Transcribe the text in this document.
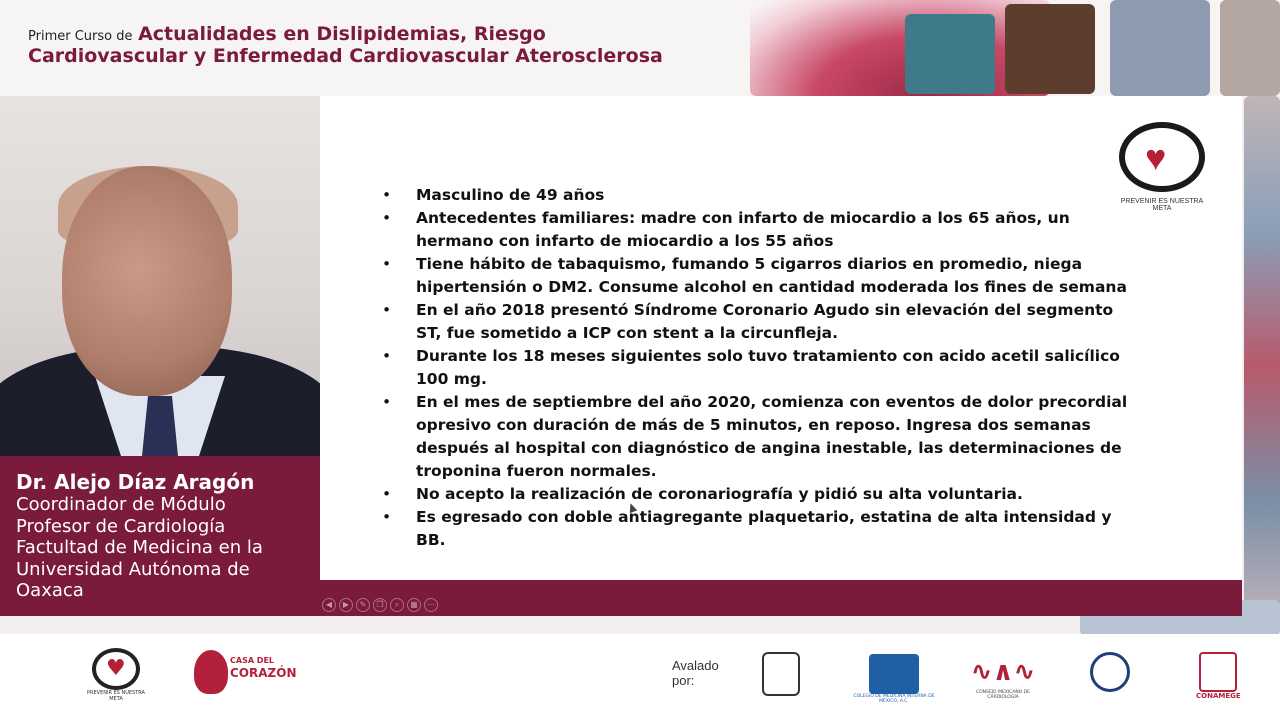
Primer Curso de Actualidades en Dislipidemias, Riesgo
Cardiovascular y Enfermedad Cardiovascular Aterosclerosa
Dr. Alejo Díaz Aragón
Coordinador de Módulo
Profesor de Cardiología
Factultad de Medicina en la
Universidad Autónoma de Oaxaca
♥
PREVENIR ES NUESTRA META
• Masculino de 49 años
• Antecedentes familiares: madre con infarto de miocardio a los 65 años, un hermano con infarto de miocardio a los 55 años
• Tiene hábito de tabaquismo, fumando 5 cigarros diarios en promedio, niega hipertensión o DM2. Consume alcohol en cantidad moderada los fines de semana
• En el año 2018 presentó Síndrome Coronario Agudo sin elevación del segmento ST, fue sometido a ICP con stent a la circunfleja.
• Durante los 18 meses siguientes solo tuvo tratamiento con acido acetil salicílico 100 mg.
• En el mes de septiembre del año 2020, comienza con eventos de dolor precordial opresivo con duración de más de 5 minutos, en reposo. Ingresa dos semanas después al hospital con diagnóstico de angina inestable, las determinaciones de troponina fueron normales.
• No acepto la realización de coronariografía y pidió su alta voluntaria.
• Es egresado con doble antiagregante plaquetario, estatina de alta intensidad y BB.
◀	▶	✎	❐	⌕	▦	⋯
♥
PREVENIR ES NUESTRA META
CASA DEL
CORAZÓN	Avalado
por:
COLEGIO DE MEDICINA INTERNA DE MÉXICO, A.C.
∿∧∿
CONSEJO MEXICANO DE CARDIOLOGÍA	CONAMEGE
